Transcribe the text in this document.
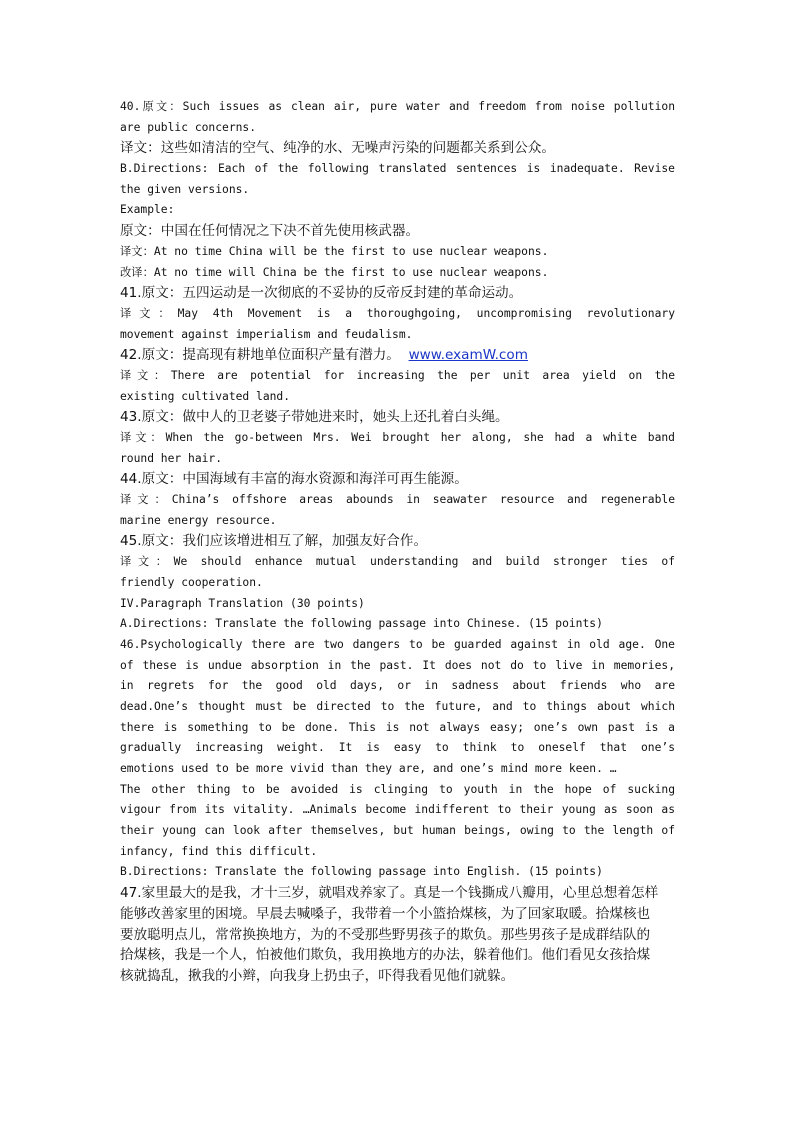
40.原文：Such issues as clean air, pure water and freedom from noise pollution
are public concerns.
译文：这些如清洁的空气、纯净的水、无噪声污染的问题都关系到公众。
B.Directions: Each of the following translated sentences is inadequate. Revise
the given versions.
Example:
原文：中国在任何情况之下决不首先使用核武器。
译文：At no time China will be the first to use nuclear weapons.
改译：At no time will China be the first to use nuclear weapons.
41.原文：五四运动是一次彻底的不妥协的反帝反封建的革命运动。
译文：May 4th Movement is a thoroughgoing, uncompromising revolutionary
movement against imperialism and feudalism.
42.原文：提高现有耕地单位面积产量有潜力。 www.examW.com
译文：There are potential for increasing the per unit area yield on the
existing cultivated land.
43.原文：做中人的卫老婆子带她进来时，她头上还扎着白头绳。
译文：When the go-between Mrs. Wei brought her along, she had a white band
round her hair.
44.原文：中国海域有丰富的海水资源和海洋可再生能源。
译文：China’s offshore areas abounds in seawater resource and regenerable
marine energy resource.
45.原文：我们应该增进相互了解，加强友好合作。
译文：We should enhance mutual understanding and build stronger ties of
friendly cooperation.
IV.Paragraph Translation (30 points)
A.Directions: Translate the following passage into Chinese. (15 points)
46.Psychologically there are two dangers to be guarded against in old age. One
of these is undue absorption in the past. It does not do to live in memories,
in regrets for the good old days, or in sadness about friends who are
dead.One’s thought must be directed to the future, and to things about which
there is something to be done. This is not always easy; one’s own past is a
gradually increasing weight. It is easy to think to oneself that one’s
emotions used to be more vivid than they are, and one’s mind more keen. …
The other thing to be avoided is clinging to youth in the hope of sucking
vigour from its vitality. …Animals become indifferent to their young as soon as
their young can look after themselves, but human beings, owing to the length of
infancy, find this difficult.
B.Directions: Translate the following passage into English. (15 points)
47.家里最大的是我，才十三岁，就唱戏养家了。真是一个钱撕成八瓣用，心里总想着怎样
能够改善家里的困境。早晨去喊嗓子，我带着一个小篮拾煤核，为了回家取暖。拾煤核也
要放聪明点儿，常常换换地方，为的不受那些野男孩子的欺负。那些男孩子是成群结队的
拾煤核，我是一个人，怕被他们欺负，我用换地方的办法，躲着他们。他们看见女孩拾煤
核就捣乱，揪我的小辫，向我身上扔虫子，吓得我看见他们就躲。
